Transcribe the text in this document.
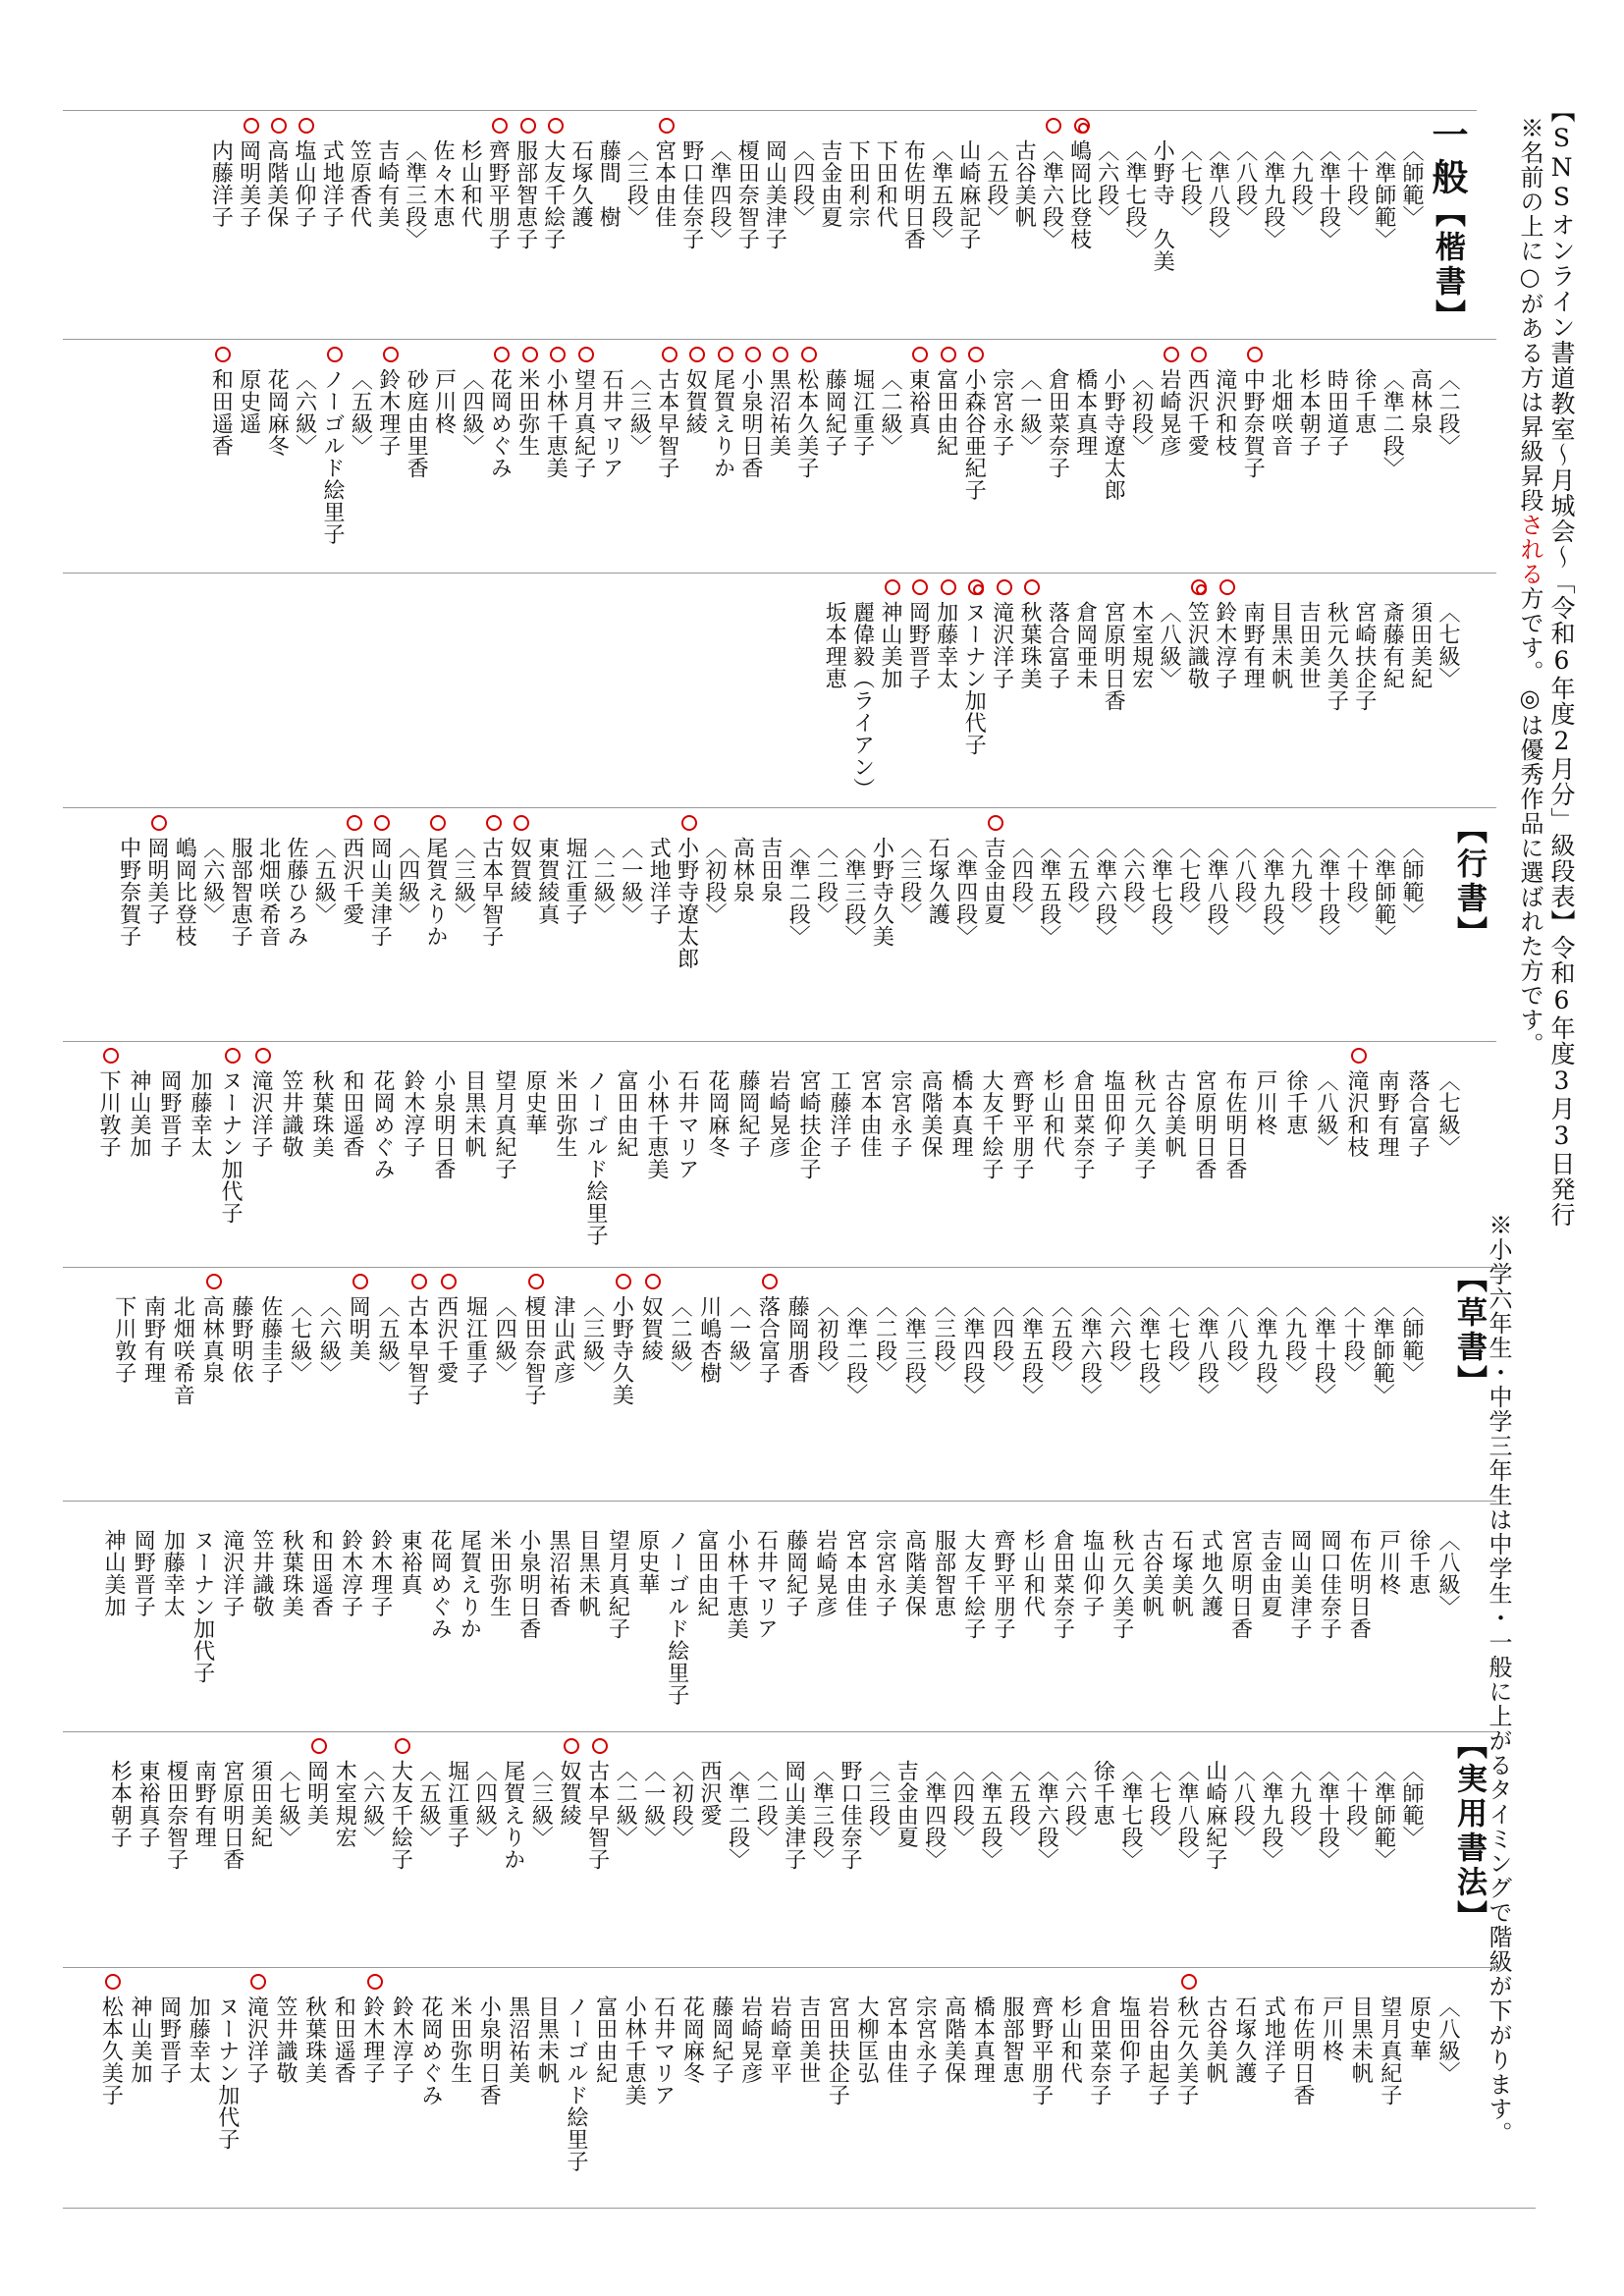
【SNSオンライン書道教室～月城会～「令和6年度2月分」級段表】令和6年度3月3日発行
※名前の上に○がある方は昇級昇段される方です。◎は優秀作品に選ばれた方です。
※小学六年生・中学三年生は中学生・一般に上がるタイミングで階級が下がります。
一般
【楷書】
【行書】
【草書】
【実用書法】
〈師範〉
〈準師範〉
〈十段〉
〈準十段〉
〈九段〉
〈準九段〉
〈八段〉
〈準八段〉
〈七段〉
小野寺　久美
〈準七段〉
〈六段〉
嶋岡比登枝
〈準六段〉
古谷美帆
〈五段〉
山崎麻記子
〈準五段〉
布佐明日香
下田和代
下田利宗
吉金由夏
〈四段〉
岡山美津子
榎田奈智子
〈準四段〉
野口佳奈子
宮本由佳
〈三段〉
藤間　樹
石塚久護
大友千絵子
服部智恵子
齊野平朋子
杉山和代
佐々木恵
〈準三段〉
吉崎有美
笠原香代
式地洋子
塩山仰子
高階美保
岡明美子
内藤洋子
〈二段〉
高林泉
〈準二段〉
徐千恵
時田道子
杉本朝子
北畑咲音
中野奈賀子
滝沢和枝
西沢千愛
岩崎晃彦
〈初段〉
小野寺遼太郎
橋本真理
倉田菜奈子
〈一級〉
宗宮永子
小森谷亜紀子
富田由紀
東裕真
〈二級〉
堀江重子
藤岡紀子
松本久美子
黒沼祐美
小泉明日香
尾賀えりか
奴賀綾
古本早智子
〈三級〉
石井マリア
望月真紀子
小林千恵美
米田弥生
花岡めぐみ
〈四級〉
戸川柊
砂庭由里香
鈴木理子
〈五級〉
ノーゴルド絵里子
〈六級〉
花岡麻冬
原史遥
和田遥香
〈七級〉
須田美紀
斎藤有紀
宮崎扶企子
秋元久美子
吉田美世
目黒未帆
南野有理
鈴木淳子
笠沢識敬
〈八級〉
木室規宏
宮原明日香
倉岡亜未
落合富子
秋葉珠美
滝沢洋子
ヌーナン加代子
加藤幸太
岡野晋子
神山美加
麗偉毅（ライアン）
坂本理恵
〈師範〉
〈準師範〉
〈十段〉
〈準十段〉
〈九段〉
〈準九段〉
〈八段〉
〈準八段〉
〈七段〉
〈準七段〉
〈六段〉
〈準六段〉
〈五段〉
〈準五段〉
〈四段〉
吉金由夏
〈準四段〉
石塚久護
〈三段〉
小野寺久美
〈準三段〉
〈二段〉
〈準二段〉
吉田泉
高林泉
〈初段〉
小野寺遼太郎
式地洋子
〈一級〉
〈二級〉
堀江重子
東賀綾真
奴賀綾
古本早智子
〈三級〉
尾賀えりか
〈四級〉
岡山美津子
西沢千愛
〈五級〉
佐藤ひろみ
北畑咲希音
服部智恵子
〈六級〉
嶋岡比登枝
岡明美子
中野奈賀子
〈七級〉
落合富子
南野有理
滝沢和枝
〈八級〉
徐千恵
戸川柊
布佐明日香
宮原明日香
古谷美帆
秋元久美子
塩田仰子
倉田菜奈子
杉山和代
齊野平朋子
大友千絵子
橋本真理
高階美保
宗宮永子
宮本由佳
工藤洋子
宮崎扶企子
岩崎晃彦
藤岡紀子
花岡麻冬
石井マリア
小林千恵美
富田由紀
ノーゴルド絵里子
米田弥生
原史華
望月真紀子
目黒未帆
小泉明日香
鈴木淳子
花岡めぐみ
和田遥香
秋葉珠美
笠井識敬
滝沢洋子
ヌーナン加代子
加藤幸太
岡野晋子
神山美加
下川敦子
〈師範〉
〈準師範〉
〈十段〉
〈準十段〉
〈九段〉
〈準九段〉
〈八段〉
〈準八段〉
〈七段〉
〈準七段〉
〈六段〉
〈準六段〉
〈五段〉
〈準五段〉
〈四段〉
〈準四段〉
〈三段〉
〈準三段〉
〈二段〉
〈準二段〉
〈初段〉
藤岡朋香
落合富子
〈一級〉
川嶋杏樹
〈二級〉
奴賀綾
小野寺久美
〈三級〉
津山武彦
榎田奈智子
〈四級〉
堀江重子
西沢千愛
古本早智子
〈五級〉
岡明美
〈六級〉
〈七級〉
佐藤圭子
藤野明依
高林真泉
北畑咲希音
南野有理
下川敦子
〈八級〉
徐千恵
戸川柊
布佐明日香
岡口佳奈子
岡山美津子
吉金由夏
宮原明日香
式地久護
石塚美帆
古谷美帆
秋元久美子
塩山仰子
倉田菜奈子
杉山和代
齊野平朋子
大友千絵子
服部智恵
高階美保
宗宮永子
宮本由佳
岩崎晃彦
藤岡紀子
石井マリア
小林千恵美
富田由紀
ノーゴルド絵里子
原史華
望月真紀子
目黒未帆
黒沼祐香
小泉明日香
米田弥生
尾賀えりか
花岡めぐみ
東裕真
鈴木理子
鈴木淳子
和田遥香
秋葉珠美
笠井識敬
滝沢洋子
ヌーナン加代子
加藤幸太
岡野晋子
神山美加
〈師範〉
〈準師範〉
〈十段〉
〈準十段〉
〈九段〉
〈準九段〉
〈八段〉
山崎麻紀子
〈準八段〉
〈七段〉
〈準七段〉
徐千恵
〈六段〉
〈準六段〉
〈五段〉
〈準五段〉
〈四段〉
〈準四段〉
吉金由夏
〈三段〉
野口佳奈子
〈準三段〉
岡山美津子
〈二段〉
〈準二段〉
西沢愛
〈初段〉
〈一級〉
〈二級〉
古本早智子
奴賀綾
〈三級〉
尾賀えりか
〈四級〉
堀江重子
〈五級〉
大友千絵子
〈六級〉
木室規宏
岡明美
〈七級〉
須田美紀
宮原明日香
南野有理
榎田奈智子
東裕真子
杉本朝子
〈八級〉
原史華
望月真紀子
目黒未帆
戸川柊
布佐明日香
式地洋子
石塚久護
古谷美帆
秋元久美子
岩谷由起子
塩田仰子
倉田菜奈子
杉山和代
齊野平朋子
服部智恵
橋本真理
高階美保
宗宮永子
宮本由佳
大柳匡弘
宮田扶企子
吉田美世
岩崎章平
岩崎晃彦
藤岡紀子
花岡麻冬
石井マリア
小林千恵美
富田由紀
ノーゴルド絵里子
目黒未帆
黒沼祐美
小泉明日香
米田弥生
花岡めぐみ
鈴木淳子
鈴木理子
和田遥香
秋葉珠美
笠井識敬
滝沢洋子
ヌーナン加代子
加藤幸太
岡野晋子
神山美加
松本久美子
